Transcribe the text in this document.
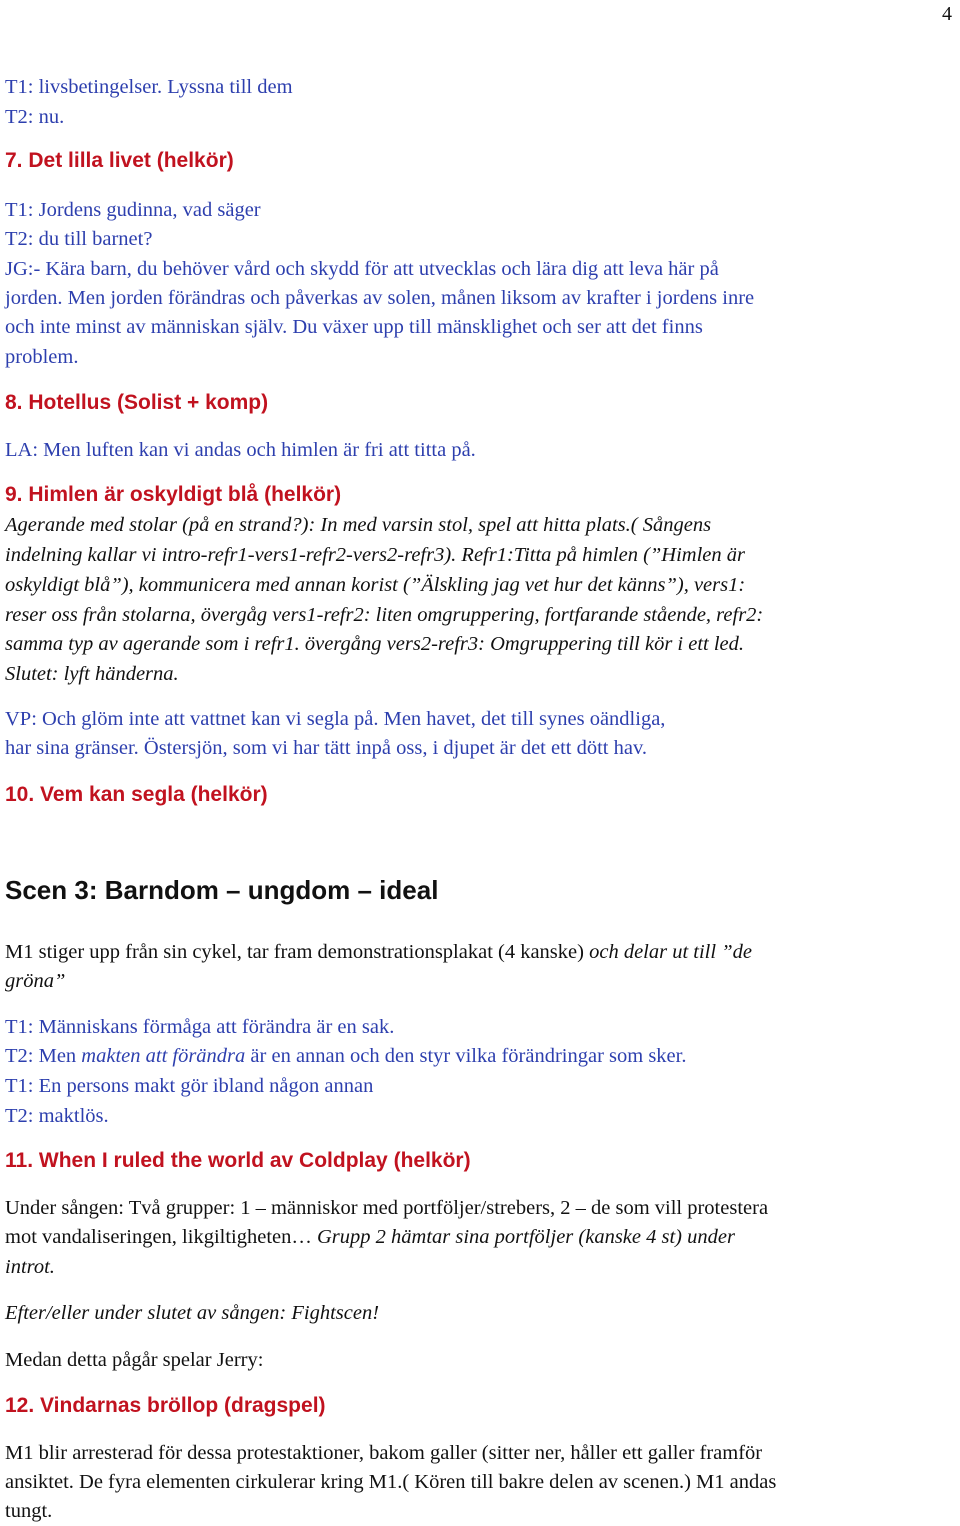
4
T1: livsbetingelser. Lyssna till dem
T2: nu.
7. Det lilla livet (helkör)
T1: Jordens gudinna, vad säger
T2: du till barnet?
JG:- Kära barn, du behöver vård och skydd för att utvecklas och lära dig att leva här på
jorden. Men jorden förändras och påverkas av solen, månen liksom av krafter i jordens inre
och inte minst av människan själv. Du växer upp till mänsklighet och ser att det finns
problem.
8. Hotellus (Solist + komp)
LA: Men luften kan vi andas och himlen är fri att titta på.
9. Himlen är oskyldigt blå (helkör)
Agerande med stolar (på en strand?): In med varsin stol, spel att hitta plats.( Sångens
indelning kallar vi intro-refr1-vers1-refr2-vers2-refr3). Refr1:Titta på himlen (”Himlen är
oskyldigt blå”), kommunicera med annan korist (”Älskling jag vet hur det känns”), vers1:
reser oss från stolarna, övergåg vers1-refr2: liten omgruppering, fortfarande stående, refr2:
samma typ av agerande som i refr1. övergång vers2-refr3: Omgruppering till kör i ett led.
Slutet: lyft händerna.
VP: Och glöm inte att vattnet kan vi segla på. Men havet, det till synes oändliga,
har sina gränser. Östersjön, som vi har tätt inpå oss, i djupet är det ett dött hav.
10. Vem kan segla (helkör)
Scen 3: Barndom – ungdom – ideal
M1 stiger upp från sin cykel, tar fram demonstrationsplakat (4 kanske) och delar ut till ”de
gröna”
T1: Människans förmåga att förändra är en sak.
T2: Men makten att förändra är en annan och den styr vilka förändringar som sker.
T1: En persons makt gör ibland någon annan
T2: maktlös.
11. When I ruled the world av Coldplay (helkör)
Under sången: Två grupper: 1 – människor med portföljer/strebers, 2 – de som vill protestera
mot vandaliseringen, likgiltigheten… Grupp 2 hämtar sina portföljer (kanske 4 st) under
introt.
Efter/eller under slutet av sången: Fightscen!
Medan detta pågår spelar Jerry:
12. Vindarnas bröllop (dragspel)
M1 blir arresterad för dessa protestaktioner, bakom galler (sitter ner, håller ett galler framför
ansiktet. De fyra elementen cirkulerar kring M1.( Kören till bakre delen av scenen.) M1 andas
tungt.
